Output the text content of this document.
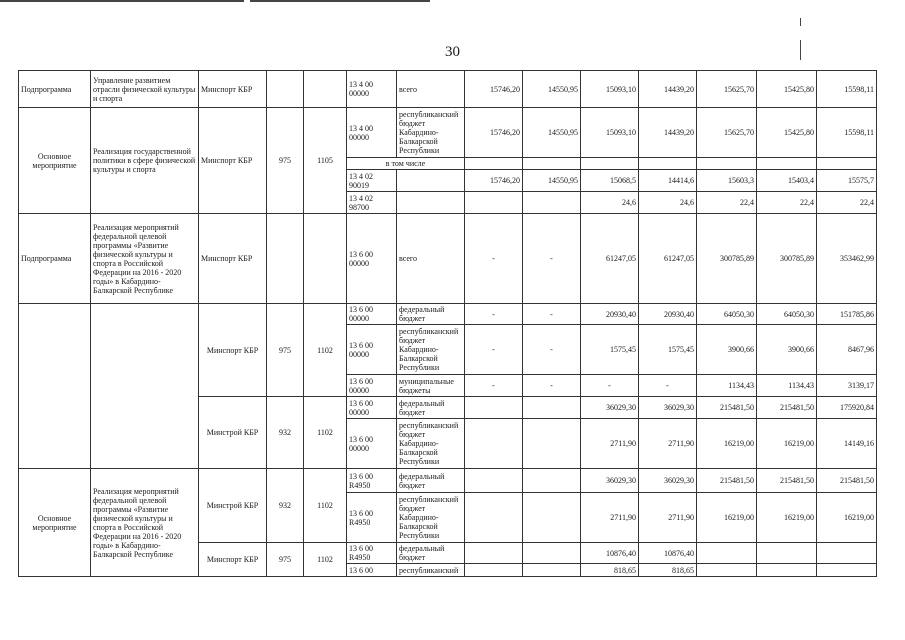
30
Подпрограмма	Управление развитием отрасли физической культуры и спорта	Минспорт КБР			13 4 00 00000	всего	15746,20	14550,95	15093,10	14439,20	15625,70	15425,80	15598,11
Основное мероприятие	Реализация государственной политики в сфере физической культуры и спорта	Минспорт КБР	975	1105	13 4 00 00000	республиканский бюджет Кабардино-Балкарской Республики	15746,20	14550,95	15093,10	14439,20	15625,70	15425,80	15598,11
					в том числе								
					13 4 02 90019		15746,20	14550,95	15068,5	14414,6	15603,3	15403,4	15575,7
					13 4 02 98700				24,6	24,6	22,4	22,4	22,4
Подпрограмма	Реализация мероприятий федеральной целевой программы «Развитие физической культуры и спорта в Российской Федерации на 2016 - 2020 годы» в Кабардино-Балкарской Республике	Минспорт КБР			13 6 00 00000	всего	-	-	61247,05	61247,05	300785,89	300785,89	353462,99
		Минспорт КБР	975	1102	13 6 00 00000	федеральный бюджет	-	-	20930,40	20930,40	64050,30	64050,30	151785,86
					13 6 00 00000	республиканский бюджет Кабардино-Балкарской Республики	-	-	1575,45	1575,45	3900,66	3900,66	8467,96
					13 6 00 00000	муниципальные бюджеты	-	-	-	-	1134,43	1134,43	3139,17
		Минстрой КБР	932	1102	13 6 00 00000	федеральный бюджет			36029,30	36029,30	215481,50	215481,50	175920,84
					13 6 00 00000	республиканский бюджет Кабардино-Балкарской Республики			2711,90	2711,90	16219,00	16219,00	14149,16
Основное мероприятие	Реализация мероприятий федеральной целевой программы «Развитие физической культуры и спорта в Российской Федерации на 2016 - 2020 годы» в Кабардино-Балкарской Республике	Минстрой КБР	932	1102	13 6 00 R4950	федеральный бюджет			36029,30	36029,30	215481,50	215481,50	215481,50
					13 6 00 R4950	республиканский бюджет Кабардино-Балкарской Республики			2711,90	2711,90	16219,00	16219,00	16219,00
		Минспорт КБР	975	1102	13 6 00 R4950	федеральный бюджет			10876,40	10876,40			
					13 6 00	республиканский			818,65	818,65			
